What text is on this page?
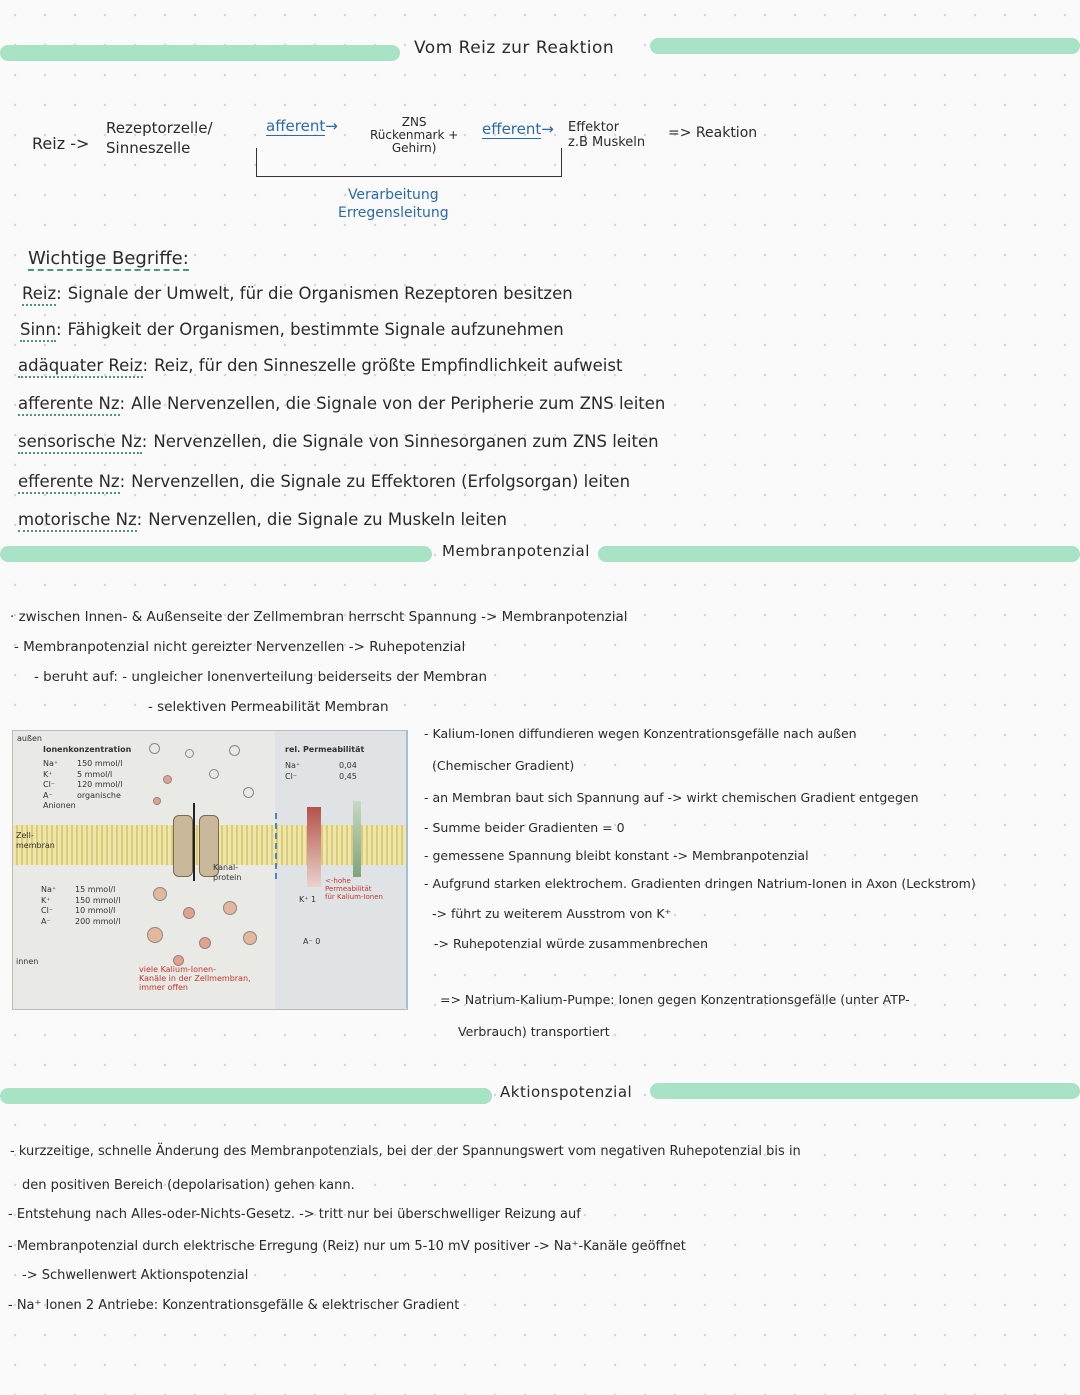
Vom Reiz zur Reaktion
Reiz ->
Rezeptorzelle/
Sinneszelle
afferent→	ZNS
Rückenmark +
Gehirn)
efferent→ Effektor
z.B Muskeln
=> Reaktion
Verarbeitung
Erregensleitung
Wichtige Begriffe:
Reiz: Signale der Umwelt, für die Organismen Rezeptoren besitzen
Sinn: Fähigkeit der Organismen, bestimmte Signale aufzunehmen
adäquater Reiz: Reiz, für den Sinneszelle größte Empfindlichkeit aufweist
afferente Nz: Alle Nervenzellen, die Signale von der Peripherie zum ZNS leiten
sensorische Nz: Nervenzellen, die Signale von Sinnesorganen zum ZNS leiten
efferente Nz: Nervenzellen, die Signale zu Effektoren (Erfolgsorgan) leiten
motorische Nz: Nervenzellen, die Signale zu Muskeln leiten
Membranpotenzial
· zwischen Innen- & Außenseite der Zellmembran herrscht Spannung -> Membranpotenzial
- Membranpotenzial nicht gereizter Nervenzellen -> Ruhepotenzial
- beruht auf: - ungleicher Ionenverteilung beiderseits der Membran
- selektiven Permeabilität Membran
außen
Ionenkonzentration
Na⁺ 150 mmol/l
K⁺	5 mmol/l
Cl⁻	120 mmol/l
A⁻	organische Anionen
Zell-
membran
Na⁺ 15 mmol/l
K⁺	150 mmol/l
Cl⁻	10 mmol/l
A⁻	200 mmol/l
innen
Kanal-
protein
rel. Permeabilität
Na⁺	0,04
Cl⁻	0,45
K⁺ 1
A⁻ 0
<-hohe
Permeabilität
für Kalium-Ionen
viele Kalium-Ionen-
Kanäle in der Zellmembran,
immer offen
- Kalium-Ionen diffundieren wegen Konzentrationsgefälle nach außen
(Chemischer Gradient)
- an Membran baut sich Spannung auf -> wirkt chemischen Gradient entgegen
- Summe beider Gradienten = 0
- gemessene Spannung bleibt konstant -> Membranpotenzial
- Aufgrund starken elektrochem. Gradienten dringen Natrium-Ionen in Axon (Leckstrom)
-> führt zu weiterem Ausstrom von K⁺
-> Ruhepotenzial würde zusammenbrechen
=> Natrium-Kalium-Pumpe: Ionen gegen Konzentrationsgefälle (unter ATP-
Verbrauch) transportiert
Aktionspotenzial
- kurzzeitige, schnelle Änderung des Membranpotenzials, bei der der Spannungswert vom negativen Ruhepotenzial bis in
den positiven Bereich (depolarisation) gehen kann.
- Entstehung nach Alles-oder-Nichts-Gesetz. -> tritt nur bei überschwelliger Reizung auf
- Membranpotenzial durch elektrische Erregung (Reiz) nur um 5-10 mV positiver -> Na⁺-Kanäle geöffnet
-> Schwellenwert Aktionspotenzial
- Na⁺ Ionen 2 Antriebe: Konzentrationsgefälle & elektrischer Gradient
